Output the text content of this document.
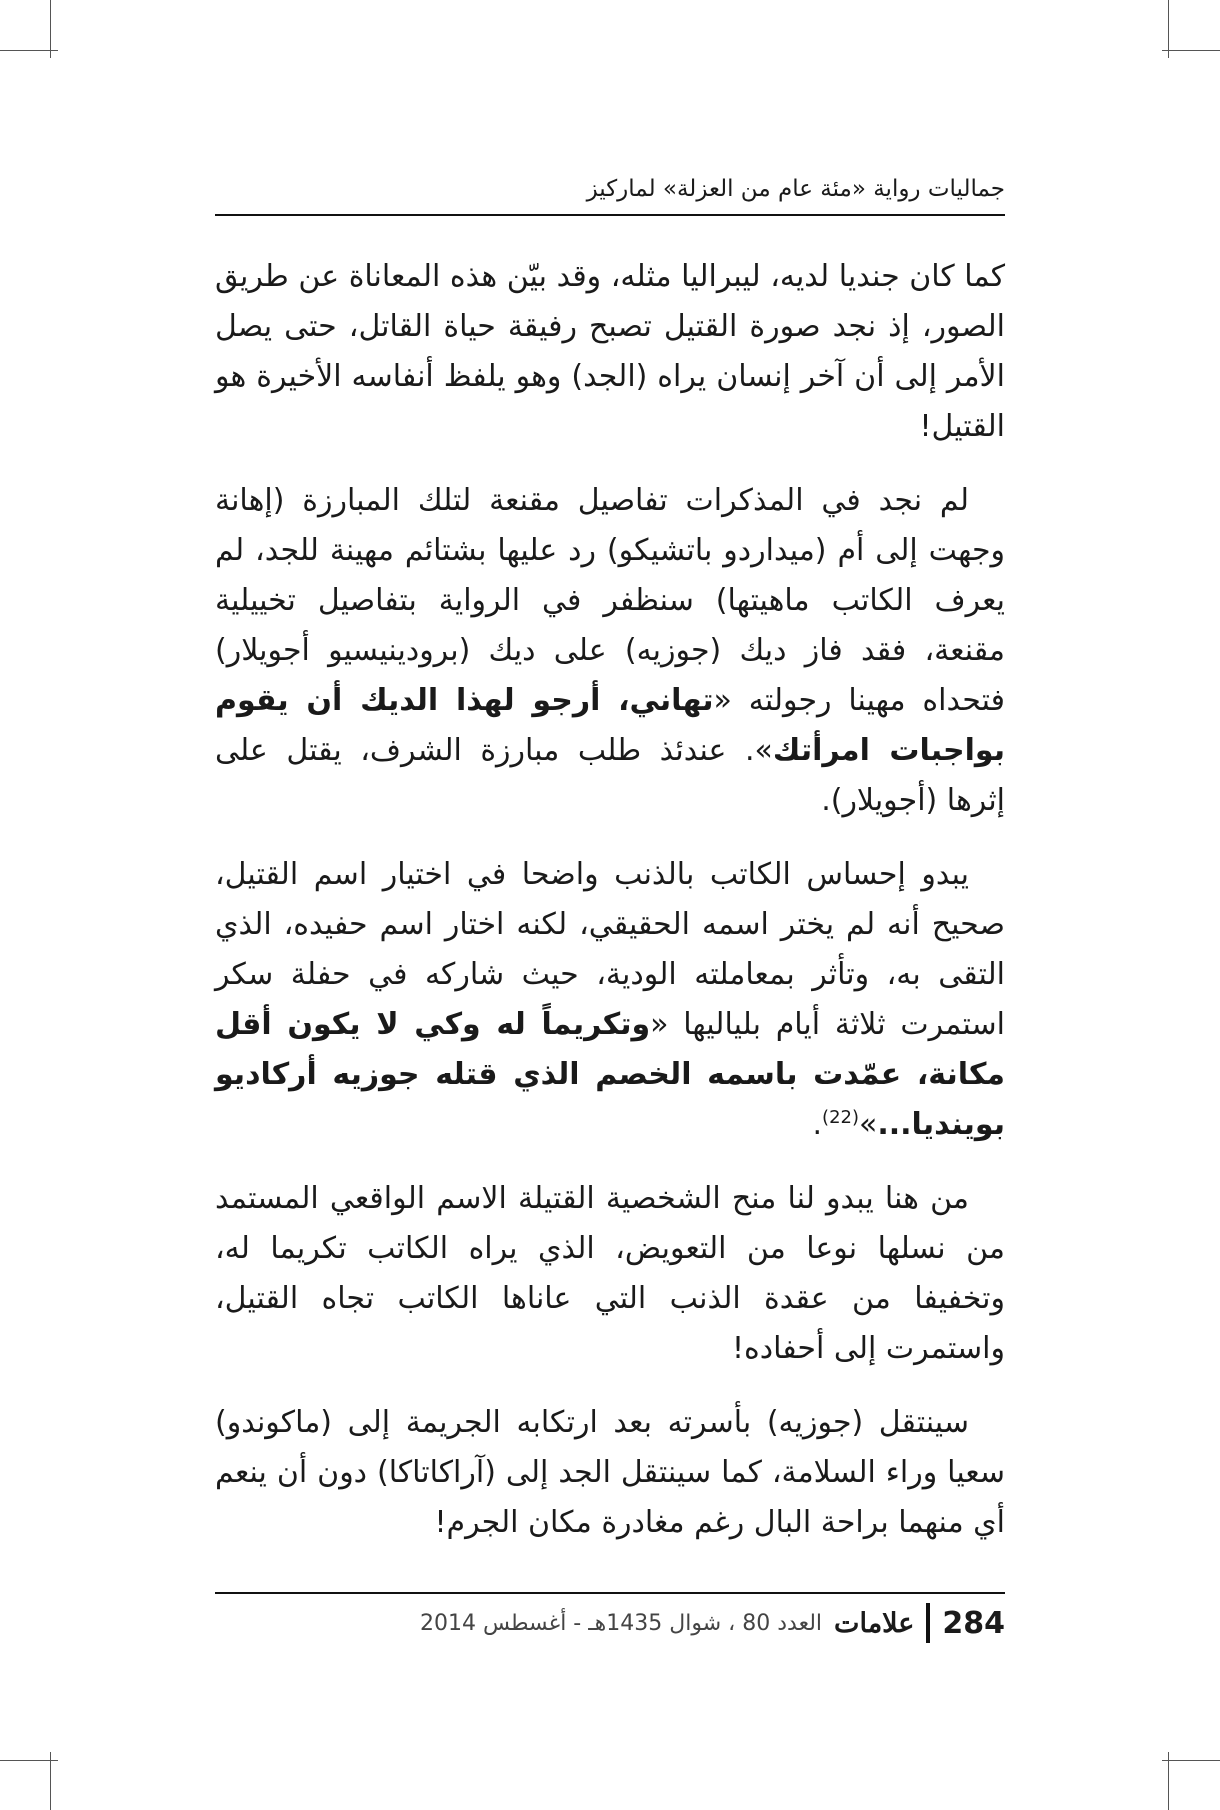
جماليات رواية «مئة عام من العزلة» لماركيز

كما كان جنديا لديه، ليبراليا مثله، وقد بيّن هذه المعاناة عن طريق الصور، إذ نجد صورة القتيل تصبح رفيقة حياة القاتل، حتى يصل الأمر إلى أن آخر إنسان يراه (الجد) وهو يلفظ أنفاسه الأخيرة هو القتيل!

لم نجد في المذكرات تفاصيل مقنعة لتلك المبارزة (إهانة وجهت إلى أم (ميداردو باتشيكو) رد عليها بشتائم مهينة للجد، لم يعرف الكاتب ماهيتها) سنظفر في الرواية بتفاصيل تخييلية مقنعة، فقد فاز ديك (جوزيه) على ديك (برودينيسيو أجويلار) فتحداه مهينا رجولته «تهاني، أرجو لهذا الديك أن يقوم بواجبات امرأتك». عندئذ طلب مبارزة الشرف، يقتل على إثرها (أجويلار).

يبدو إحساس الكاتب بالذنب واضحا في اختيار اسم القتيل، صحيح أنه لم يختر اسمه الحقيقي، لكنه اختار اسم حفيده، الذي التقى به، وتأثر بمعاملته الودية، حيث شاركه في حفلة سكر استمرت ثلاثة أيام بلياليها «وتكريماً له وكي لا يكون أقل مكانة، عمّدت باسمه الخصم الذي قتله جوزيه أركاديو بوينديا...»$^{(22)}$.

من هنا يبدو لنا منح الشخصية القتيلة الاسم الواقعي المستمد من نسلها نوعا من التعويض، الذي يراه الكاتب تكريما له، وتخفيفا من عقدة الذنب التي عاناها الكاتب تجاه القتيل، واستمرت إلى أحفاده!

سينتقل (جوزيه) بأسرته بعد ارتكابه الجريمة إلى (ماكوندو) سعيا وراء السلامة، كما سينتقل الجد إلى (آراكاتاكا) دون أن ينعم أي منهما براحة البال رغم مغادرة مكان الجرم!

284
علامات
العدد 80 ، شوال 1435هـ - أغسطس 2014
